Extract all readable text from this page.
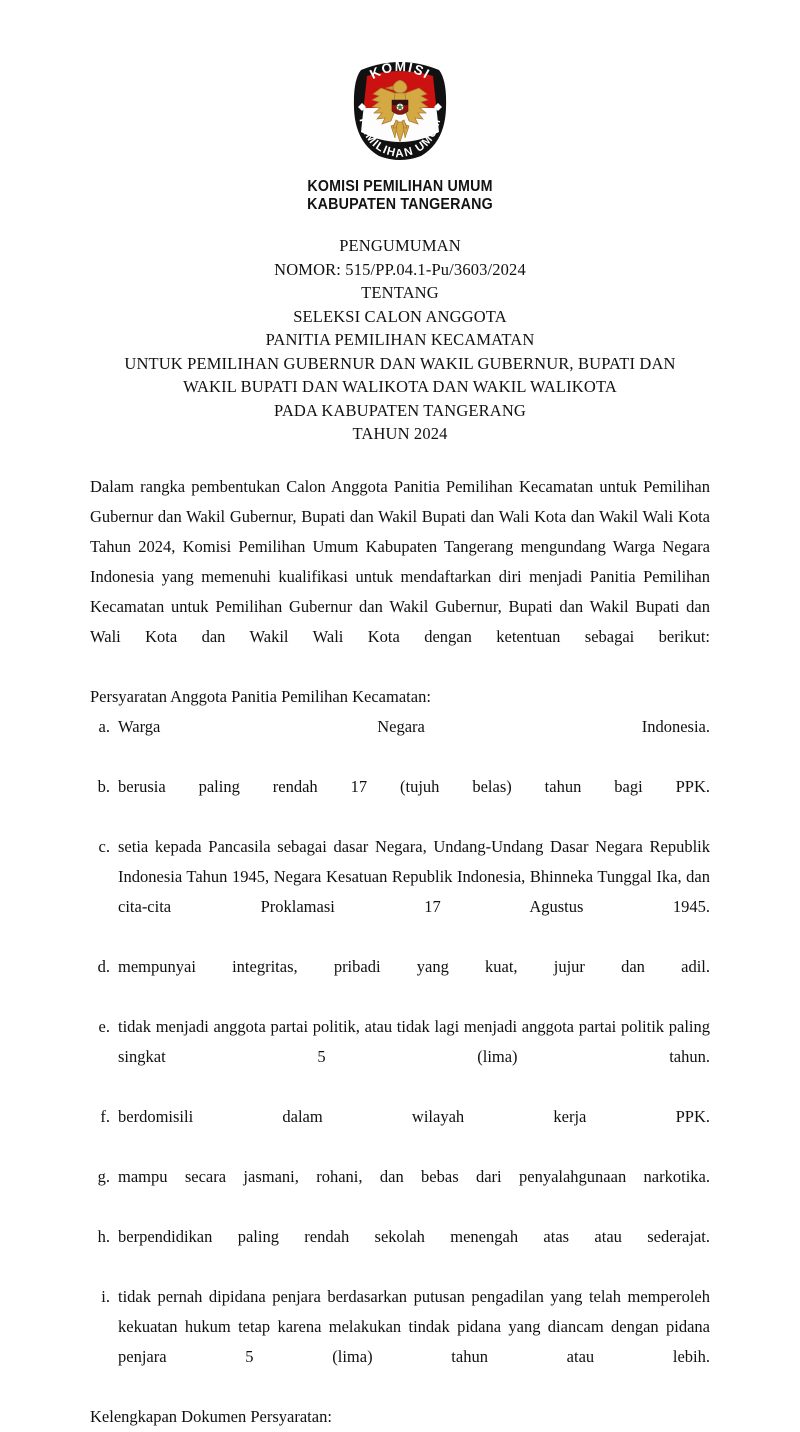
KOMISI
PEMILIHAN UMUM
KOMISI PEMILIHAN UMUM
KABUPATEN TANGERANG
PENGUMUMAN
NOMOR: 515/PP.04.1-Pu/3603/2024
TENTANG
SELEKSI CALON ANGGOTA
PANITIA PEMILIHAN KECAMATAN
UNTUK PEMILIHAN GUBERNUR DAN WAKIL GUBERNUR, BUPATI DAN
WAKIL BUPATI DAN WALIKOTA DAN WAKIL WALIKOTA
PADA KABUPATEN TANGERANG
TAHUN 2024

Dalam rangka pembentukan Calon Anggota Panitia Pemilihan Kecamatan untuk Pemilihan Gubernur dan Wakil Gubernur, Bupati dan Wakil Bupati dan Wali Kota dan Wakil Wali Kota Tahun 2024, Komisi Pemilihan Umum Kabupaten Tangerang mengundang Warga Negara Indonesia yang memenuhi kualifikasi untuk mendaftarkan diri menjadi Panitia Pemilihan Kecamatan untuk Pemilihan Gubernur dan Wakil Gubernur, Bupati dan Wakil Bupati dan Wali Kota dan Wakil Wali Kota dengan ketentuan sebagai berikut:

Persyaratan Anggota Panitia Pemilihan Kecamatan:

a. Warga Negara Indonesia.
b. berusia paling rendah 17 (tujuh belas) tahun bagi PPK.
c. setia kepada Pancasila sebagai dasar Negara, Undang-Undang Dasar Negara Republik Indonesia Tahun 1945, Negara Kesatuan Republik Indonesia, Bhinneka Tunggal Ika, dan cita-cita Proklamasi 17 Agustus 1945.
d. mempunyai integritas, pribadi yang kuat, jujur dan adil.
e. tidak menjadi anggota partai politik, atau tidak lagi menjadi anggota partai politik paling singkat 5 (lima) tahun.
f. berdomisili dalam wilayah kerja PPK.
g. mampu secara jasmani, rohani, dan bebas dari penyalahgunaan narkotika.
h. berpendidikan paling rendah sekolah menengah atas atau sederajat.
i. tidak pernah dipidana penjara berdasarkan putusan pengadilan yang telah memperoleh kekuatan hukum tetap karena melakukan tindak pidana yang diancam dengan pidana penjara 5 (lima) tahun atau lebih.

Kelengkapan Dokumen Persyaratan:
